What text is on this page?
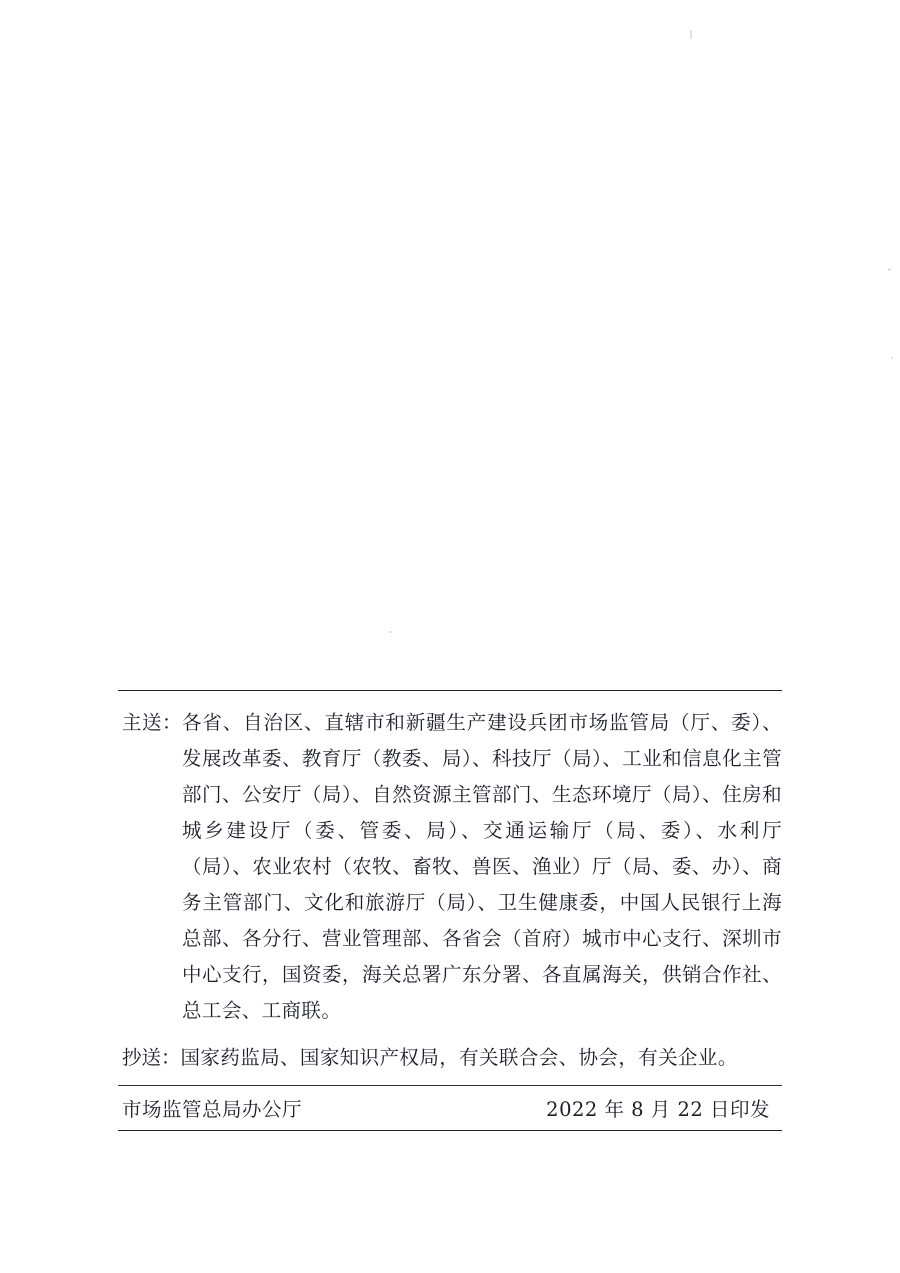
主送： 各省、自治区、直辖市和新疆生产建设兵团市场监管局（厅、委）、发展改革委、教育厅（教委、局）、科技厅（局）、工业和信息化主管部门、公安厅（局）、自然资源主管部门、生态环境厅（局）、住房和城乡建设厅（委、管委、局）、交通运输厅（局、委）、水利厅（局）、农业农村（农牧、畜牧、兽医、渔业）厅（局、委、办）、商务主管部门、文化和旅游厅（局）、卫生健康委，中国人民银行上海总部、各分行、营业管理部、各省会（首府）城市中心支行、深圳市中心支行，国资委，海关总署广东分署、各直属海关，供销合作社、总工会、工商联。
抄送： 国家药监局、国家知识产权局，有关联合会、协会，有关企业。
市场监管总局办公厅	2022 年 8 月 22 日印发
